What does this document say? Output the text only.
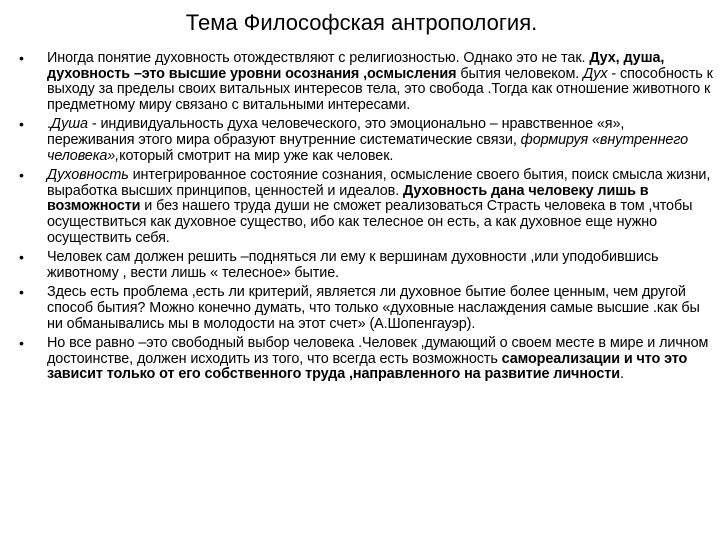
Тема Философская антропология.
• Иногда понятие духовность отождествляют с религиозностью. Однако это не так. Дух, душа, духовность –это высшие уровни осознания ,осмысления бытия человеком. Дух - способность к выходу за пределы своих витальных интересов тела, это свобода .Тогда как отношение животного к предметному миру связано с витальными интересами.
• .Душа - индивидуальность духа человеческого, это эмоционально – нравственное «я», переживания этого мира образуют внутренние систематические связи, формируя «внутреннего человека»,который смотрит на мир уже как человек.
• Духовность интегрированное состояние сознания, осмысление своего бытия, поиск смысла жизни, выработка высших принципов, ценностей и идеалов. Духовность дана человеку лишь в возможности и без нашего труда души не сможет реализоваться Страсть человека в том ,чтобы осуществиться как духовное существо, ибо как телесное он есть, а как духовное еще нужно осуществить себя.
• Человек сам должен решить –подняться ли ему к вершинам духовности ,или уподобившись животному , вести лишь « телесное» бытие.
• Здесь есть проблема ,есть ли критерий, является ли духовное бытие более ценным, чем другой способ бытия? Можно конечно думать, что только «духовные наслаждения самые высшие .как бы ни обманывались мы в молодости на этот счет» (А.Шопенгауэр).
• Но все равно –это свободный выбор человека .Человек ,думающий о своем месте в мире и личном достоинстве, должен исходить из того, что всегда есть возможность самореализации и что это зависит только от его собственного труда ,направленного на развитие личности.
